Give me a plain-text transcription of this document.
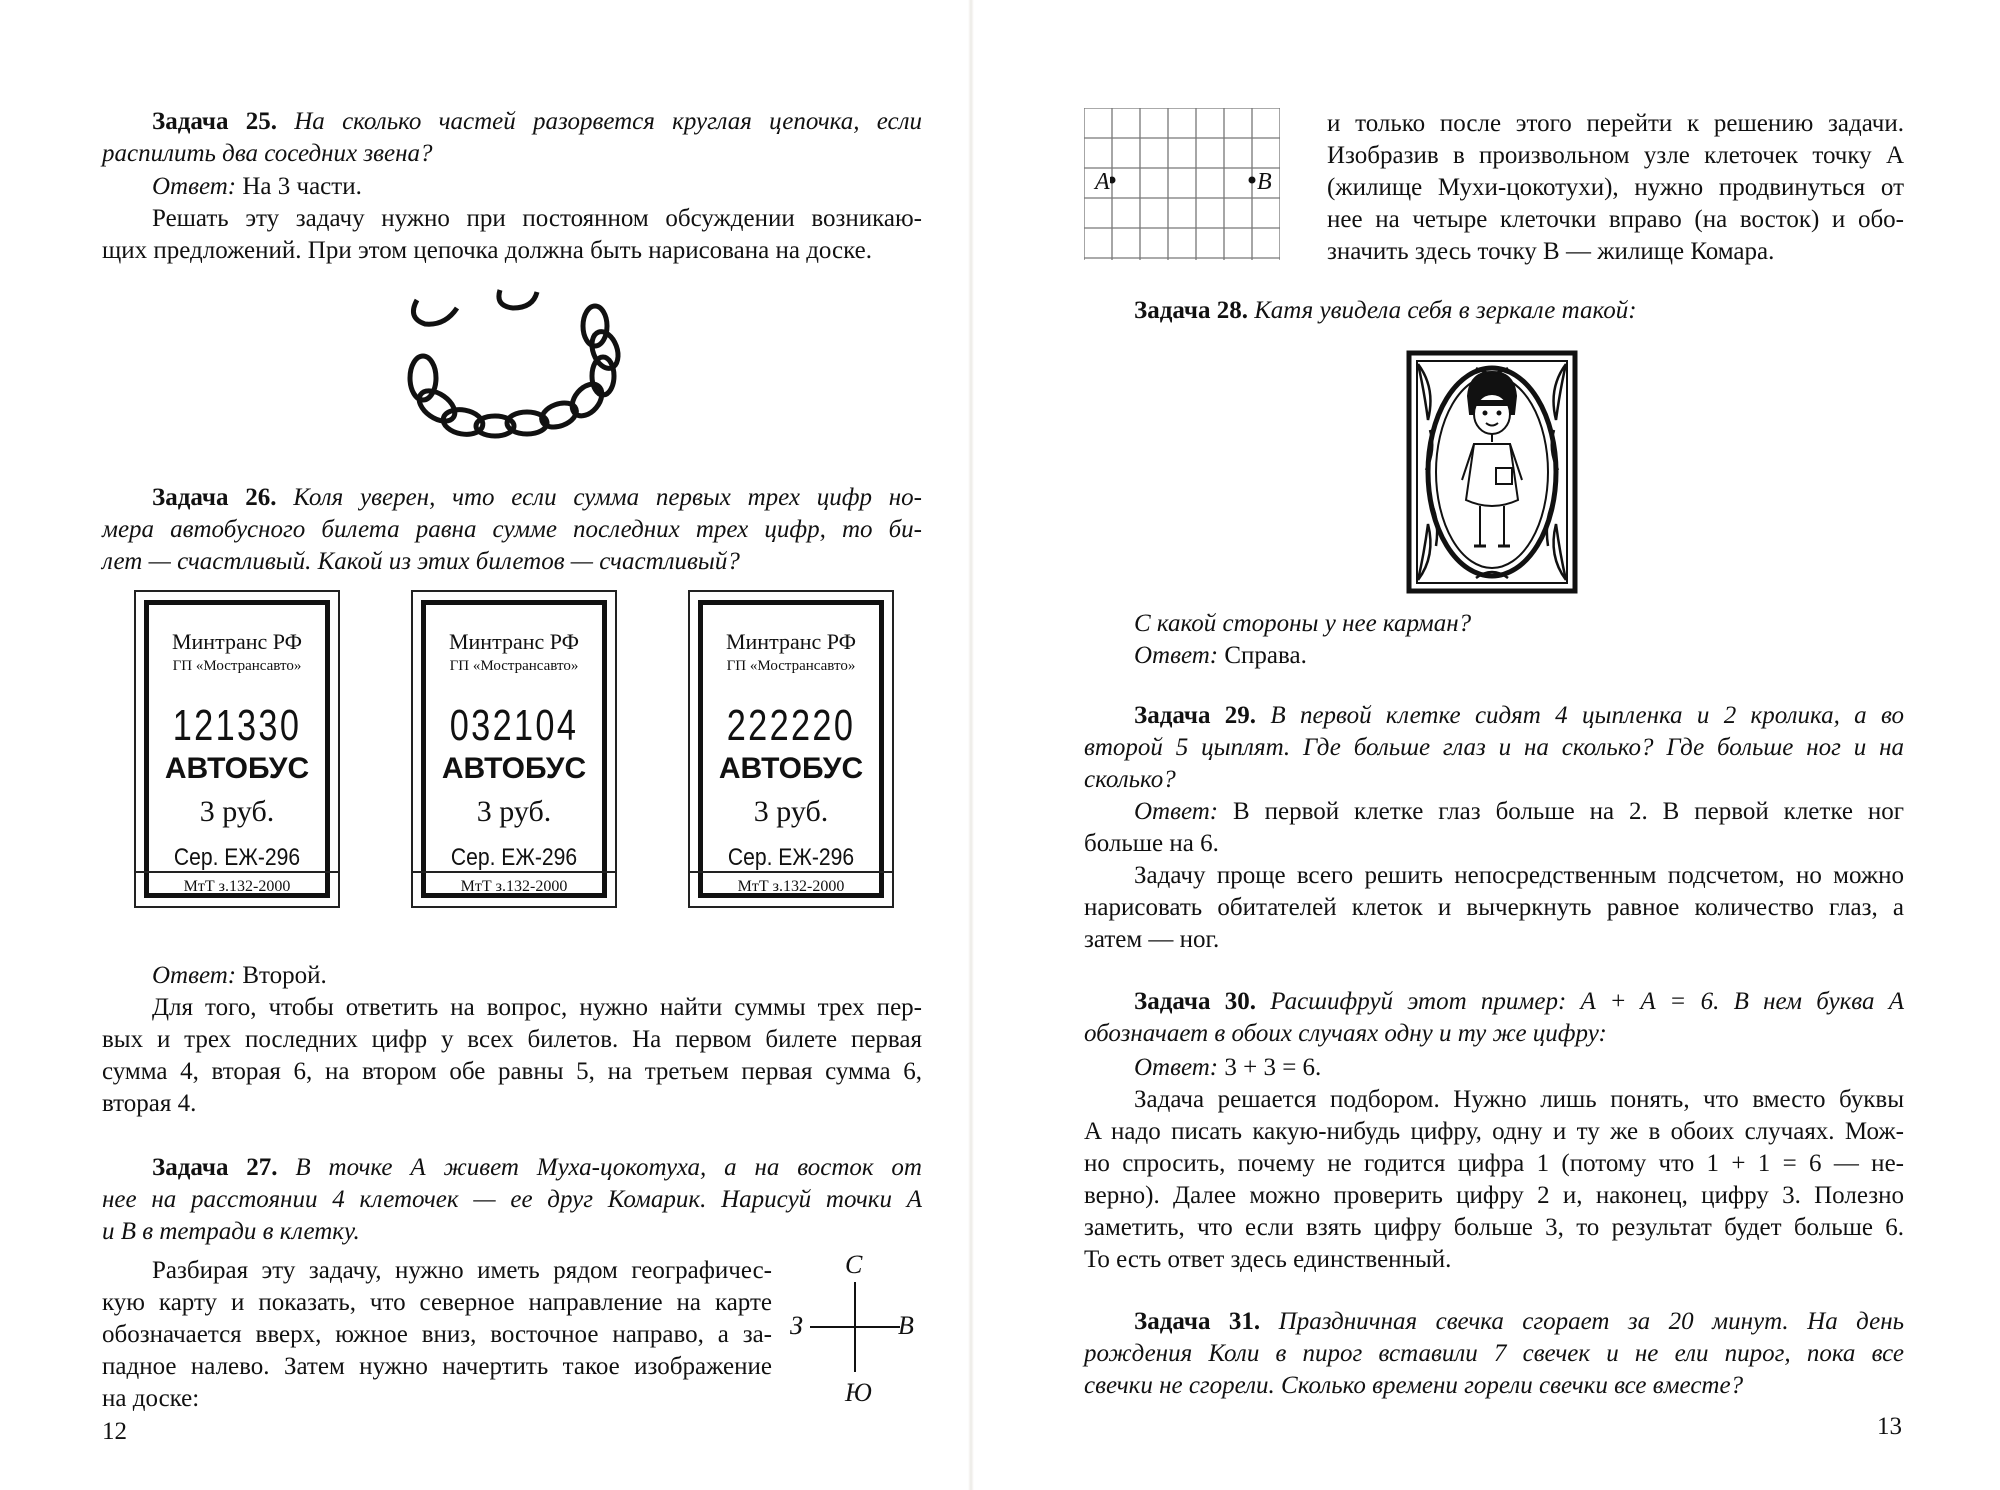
Задача 25. На сколько частей разорвется круглая цепочка, если
распилить два соседних звена?
Ответ: На 3 части.
Решать эту задачу нужно при постоянном обсуждении возникаю-
щих предложений. При этом цепочка должна быть нарисована на доске.
Задача 26. Коля уверен, что если сумма первых трех цифр но-
мера автобусного билета равна сумме последних трех цифр, то би-
лет — счастливый. Какой из этих билетов — счастливый?
Минтранс РФ
ГП «Мострансавто»
121330
АВТОБУС
3 руб.
Сер. ЕЖ-296
МтТ з.132-2000
Минтранс РФ
ГП «Мострансавто»
032104
АВТОБУС
3 руб.
Сер. ЕЖ-296
МтТ з.132-2000
Минтранс РФ
ГП «Мострансавто»
222220
АВТОБУС
3 руб.
Сер. ЕЖ-296
МтТ з.132-2000
Ответ: Второй.
Для того, чтобы ответить на вопрос, нужно найти суммы трех пер-
вых и трех последних цифр у всех билетов. На первом билете первая
сумма 4, вторая 6, на втором обе равны 5, на третьем первая сумма 6,
вторая 4.
Задача 27. В точке А живет Муха-цокотуха, а на восток от
нее на расстоянии 4 клеточек — ее друг Комарик. Нарисуй точки А
и В в тетради в клетку.
Разбирая эту задачу, нужно иметь рядом географичес-
кую карту и показать, что северное направление на карте
обозначается вверх, южное вниз, восточное направо, а за-
падное налево. Затем нужно начертить такое изображение
на доске:
С
Ю
З	В
12
A	B
и только после этого перейти к решению задачи.
Изобразив в произвольном узле клеточек точку A
(жилище Мухи-цокотухи), нужно продвинуться от
нее на четыре клеточки вправо (на восток) и обо-
значить здесь точку B — жилище Комара.
Задача 28. Катя увидела себя в зеркале такой:
С какой стороны у нее карман?
Ответ: Справа.
Задача 29. В первой клетке сидят 4 цыпленка и 2 кролика, а во
второй 5 цыплят. Где больше глаз и на сколько? Где больше ног и на
сколько?
Ответ: В первой клетке глаз больше на 2. В первой клетке ног
больше на 6.
Задачу проще всего решить непосредственным подсчетом, но можно
нарисовать обитателей клеток и вычеркнуть равное количество глаз, а
затем — ног.
Задача 30. Расшифруй этот пример: A + A = 6. В нем буква A
обозначает в обоих случаях одну и ту же цифру:
Ответ: 3 + 3 = 6.
Задача решается подбором. Нужно лишь понять, что вместо буквы
A надо писать какую-нибудь цифру, одну и ту же в обоих случаях. Мож-
но спросить, почему не годится цифра 1 (потому что 1 + 1 = 6 — не-
верно). Далее можно проверить цифру 2 и, наконец, цифру 3. Полезно
заметить, что если взять цифру больше 3, то результат будет больше 6.
То есть ответ здесь единственный.
Задача 31. Праздничная свечка сгорает за 20 минут. На день
рождения Коли в пирог вставили 7 свечек и не ели пирог, пока все
свечки не сгорели. Сколько времени горели свечки все вместе?
13
